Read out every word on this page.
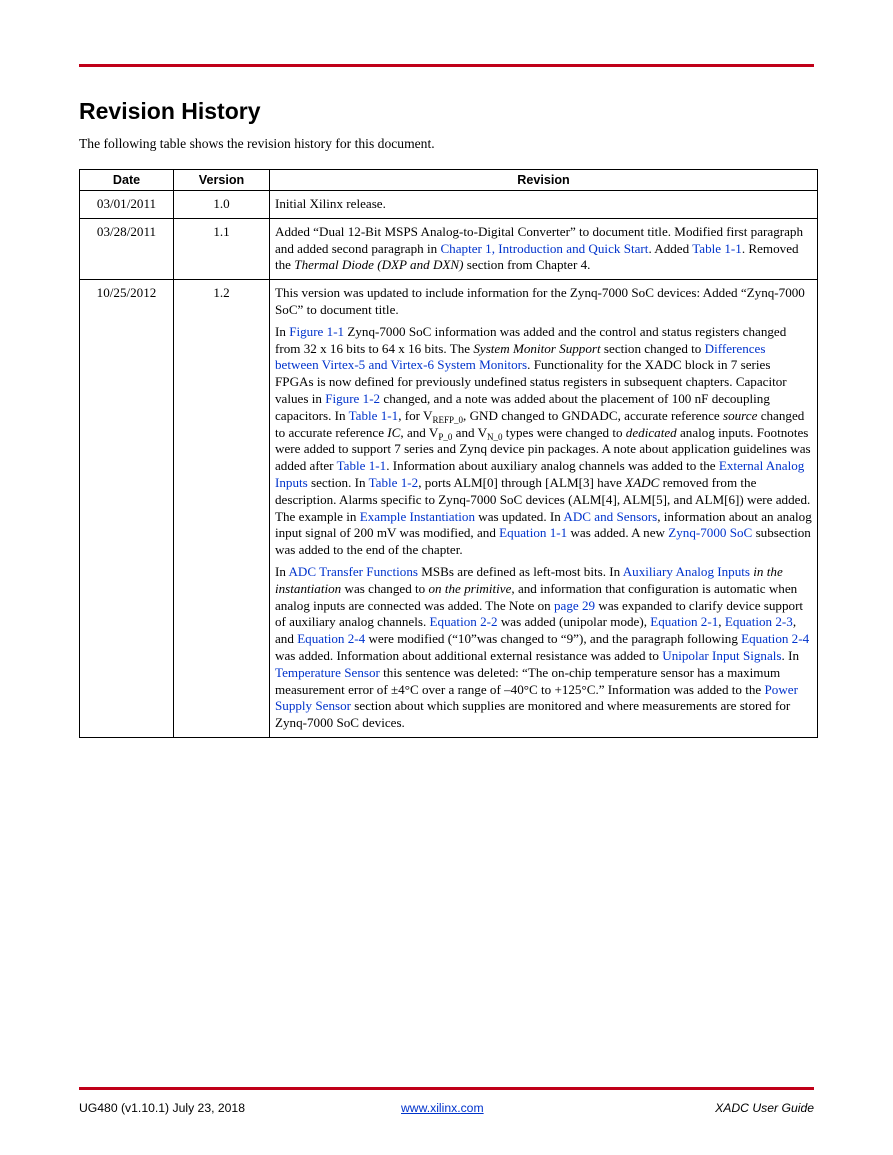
Revision History

The following table shows the revision history for this document.

Date	Version	Revision
03/01/2011	1.0	Initial Xilinx release.

03/28/2011	1.1	Added “Dual 12-Bit MSPS Analog-to-Digital Converter” to document title. Modified first paragraph and added second paragraph in Chapter 1, Introduction and Quick Start. Added Table 1-1. Removed the Thermal Diode (DXP and DXN) section from Chapter 4.

10/25/2012	1.2	This version was updated to include information for the Zynq-7000 SoC devices: Added “Zynq-7000 SoC” to document title.

In Figure 1-1 Zynq-7000 SoC information was added and the control and status registers changed from 32 x 16 bits to 64 x 16 bits. The System Monitor Support section changed to Differences between Virtex-5 and Virtex-6 System Monitors. Functionality for the XADC block in 7 series FPGAs is now defined for previously undefined status registers in subsequent chapters. Capacitor values in Figure 1-2 changed, and a note was added about the placement of 100 nF decoupling capacitors. In Table 1-1, for $V_{REFP\_0}$, GND changed to GNDADC, accurate reference source changed to accurate reference IC, and $V_{P\_0}$ and $V_{N\_0}$ types were changed to dedicated analog inputs. Footnotes were added to support 7 series and Zynq device pin packages. A note about application guidelines was added after Table 1-1. Information about auxiliary analog channels was added to the External Analog Inputs section. In Table 1-2, ports ALM[0] through [ALM[3] have XADC removed from the description. Alarms specific to Zynq-7000 SoC devices (ALM[4], ALM[5], and ALM[6]) were added. The example in Example Instantiation was updated. In ADC and Sensors, information about an analog input signal of 200 mV was modified, and Equation 1-1 was added. A new Zynq-7000 SoC subsection was added to the end of the chapter.

In ADC Transfer Functions MSBs are defined as left-most bits. In Auxiliary Analog Inputs in the instantiation was changed to on the primitive, and information that configuration is automatic when analog inputs are connected was added. The Note on page 29 was expanded to clarify device support of auxiliary analog channels. Equation 2-2 was added (unipolar mode), Equation 2-1, Equation 2-3, and Equation 2-4 were modified (“10”was changed to “9”), and the paragraph following Equation 2-4 was added. Information about additional external resistance was added to Unipolar Input Signals. In Temperature Sensor this sentence was deleted: “The on-chip temperature sensor has a maximum measurement error of ±4°C over a range of –40°C to +125°C.” Information was added to the Power Supply Sensor section about which supplies are monitored and where measurements are stored for Zynq-7000 SoC devices.

UG480 (v1.10.1) July 23, 2018	www.xilinx.com	XADC User Guide
